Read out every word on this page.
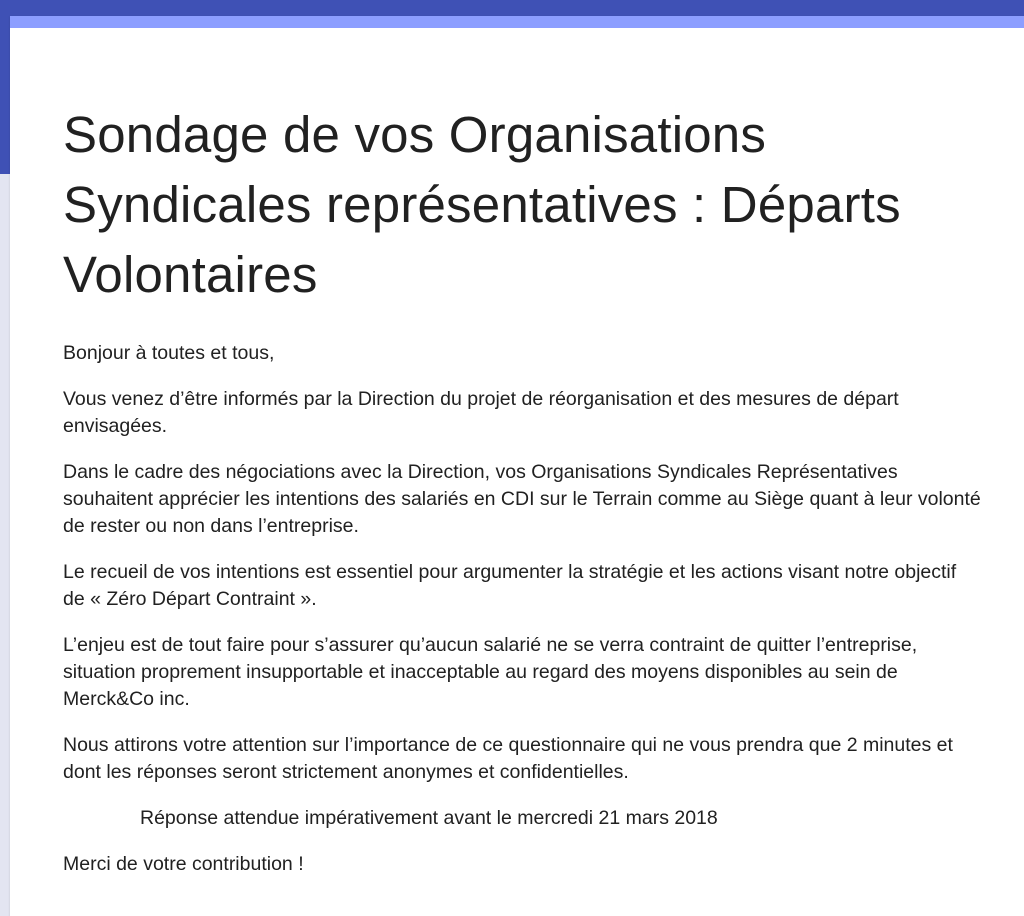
Sondage de vos Organisations Syndicales représentatives : Départs Volontaires

Bonjour à toutes et tous,

Vous venez d’être informés par la Direction du projet de réorganisation et des mesures de départ envisagées.

Dans le cadre des négociations avec la Direction, vos Organisations Syndicales Représentatives souhaitent apprécier les intentions des salariés en CDI sur le Terrain comme au Siège quant à leur volonté de rester ou non dans l’entreprise.

Le recueil de vos intentions est essentiel pour argumenter la stratégie et les actions visant notre objectif de « Zéro Départ Contraint ».

L’enjeu est de tout faire pour s’assurer qu’aucun salarié ne se verra contraint de quitter l’entreprise, situation proprement insupportable et inacceptable au regard des moyens disponibles au sein de Merck&Co inc.

Nous attirons votre attention sur l’importance de ce questionnaire qui ne vous prendra que 2 minutes et dont les réponses seront strictement anonymes et confidentielles.

Réponse attendue impérativement avant le mercredi 21 mars 2018

Merci de votre contribution !
